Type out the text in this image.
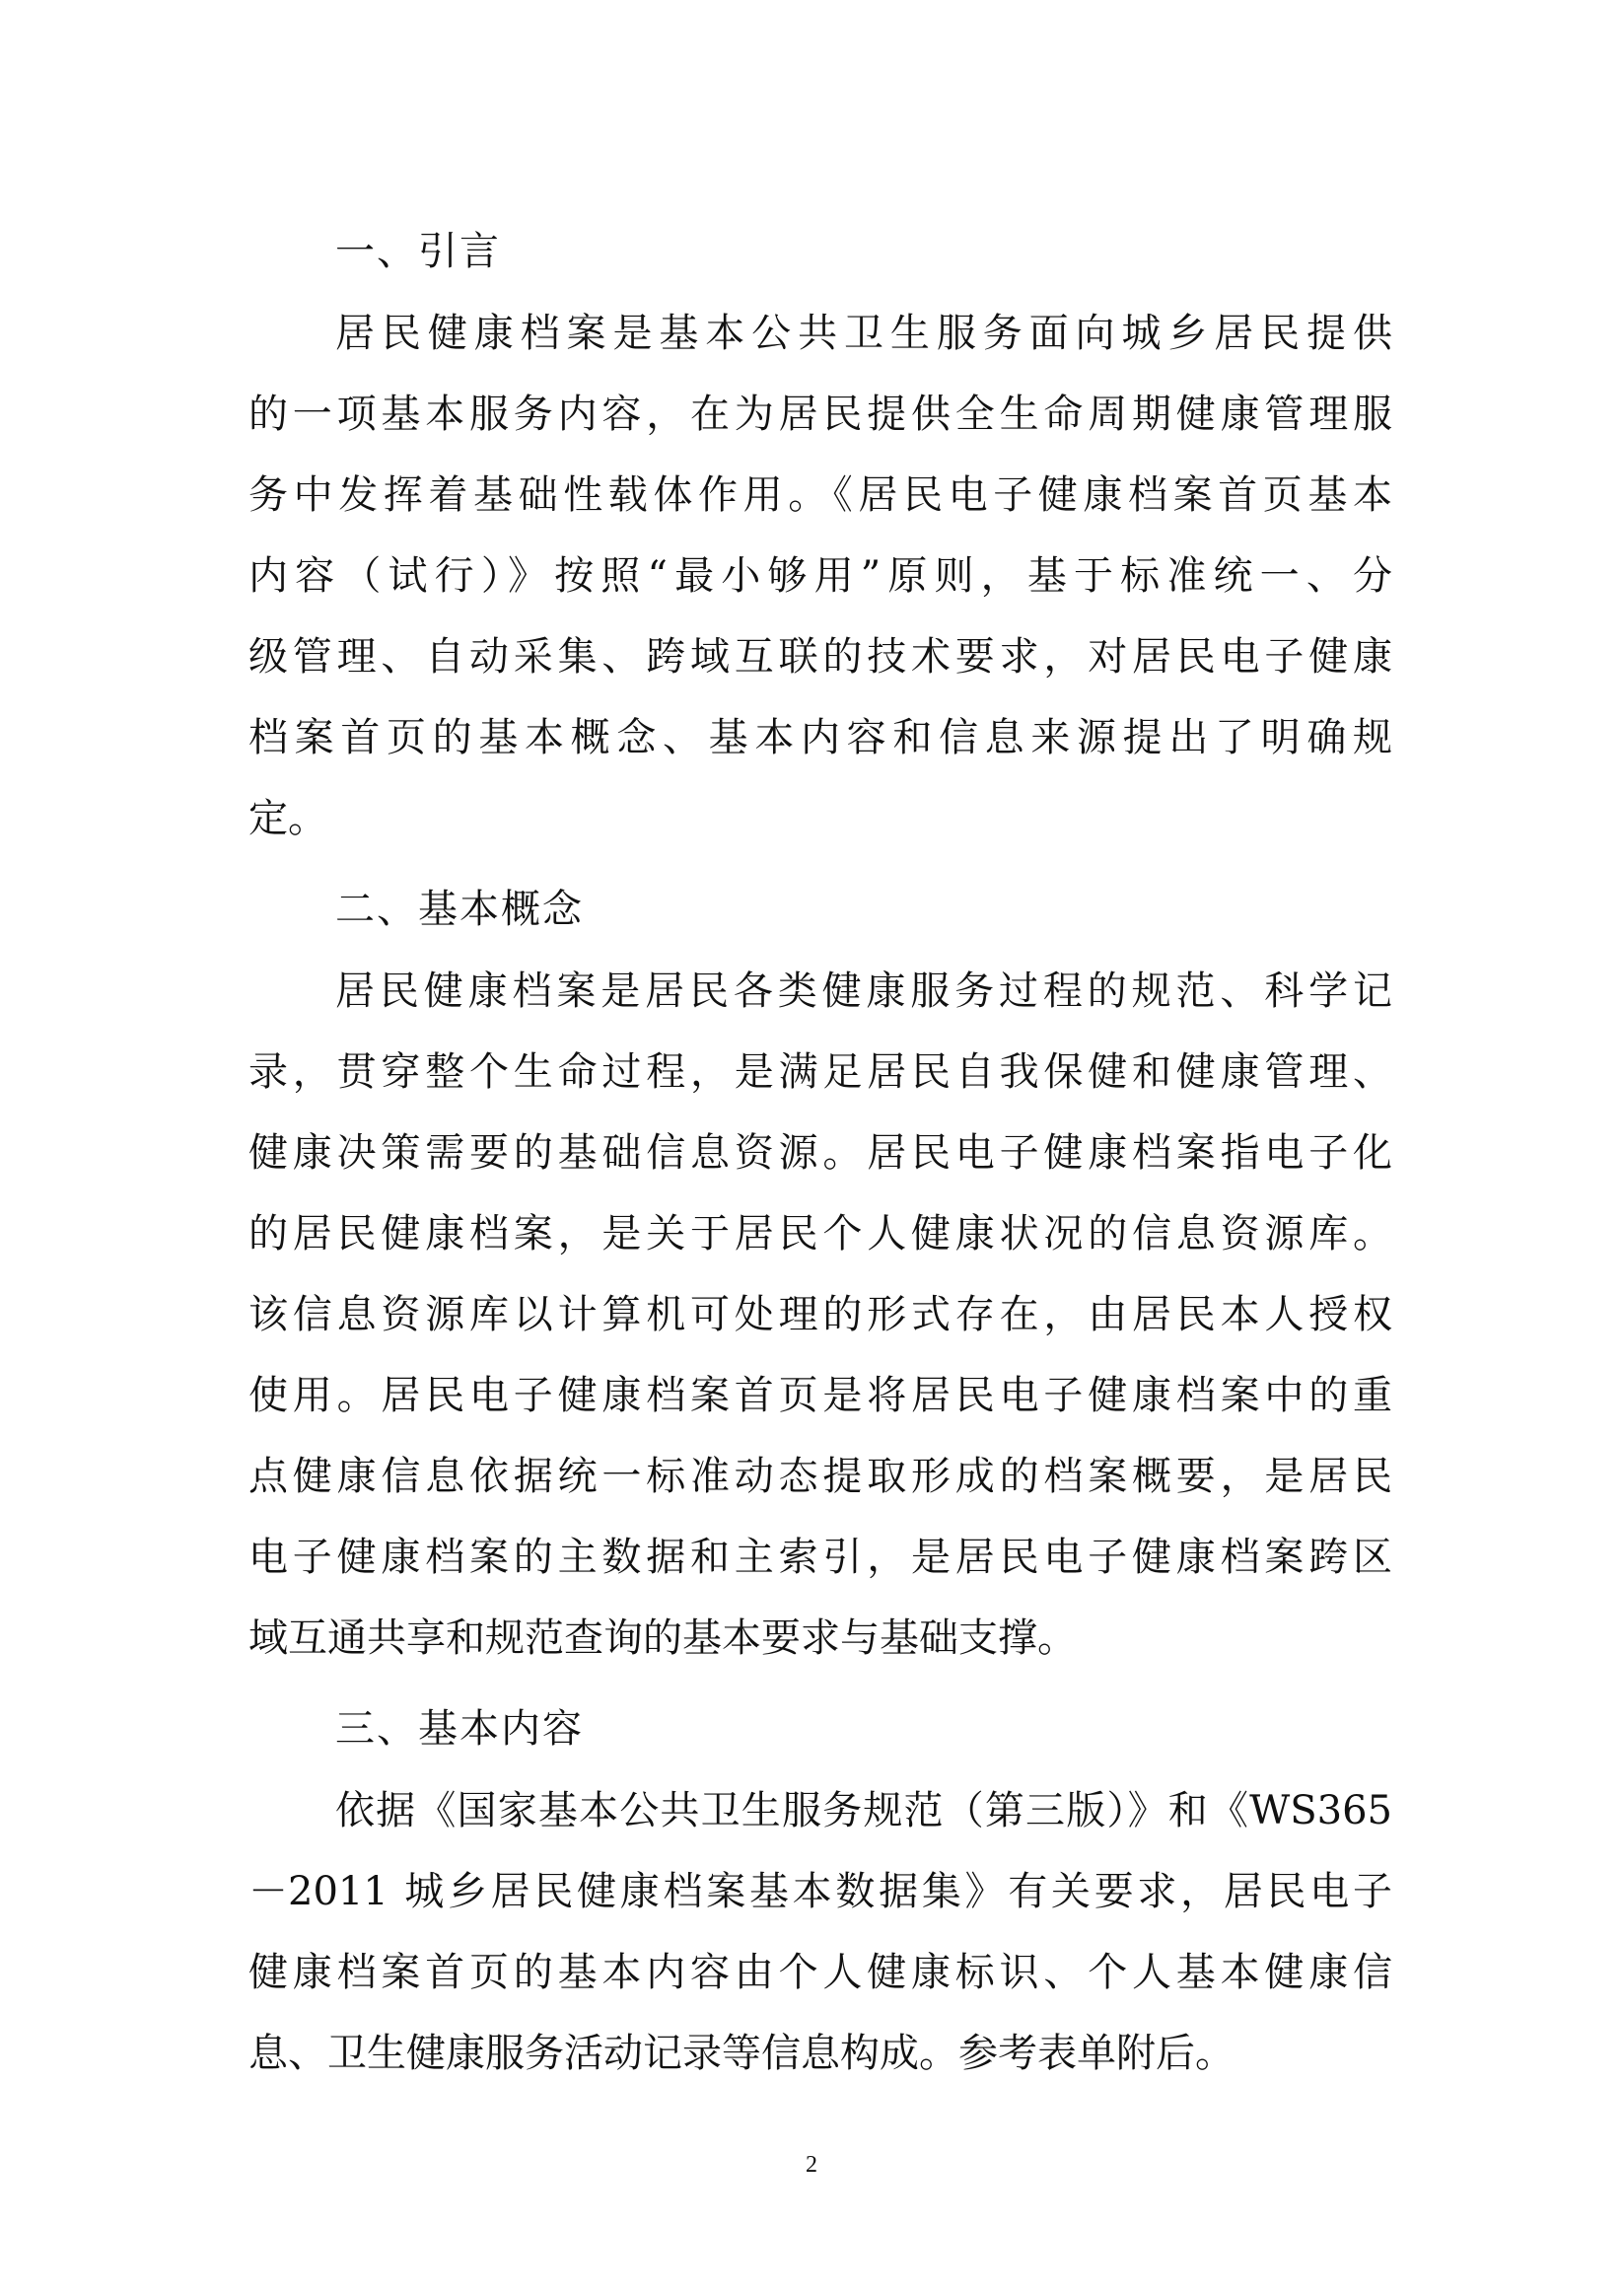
一、引言
居民健康档案是基本公共卫生服务面向城乡居民提供
的一项基本服务内容，在为居民提供全生命周期健康管理服
务中发挥着基础性载体作用。《居民电子健康档案首页基本
内容（试行）》按照“最小够用”原则，基于标准统一、分
级管理、自动采集、跨域互联的技术要求，对居民电子健康
档案首页的基本概念、基本内容和信息来源提出了明确规
定。
二、基本概念
居民健康档案是居民各类健康服务过程的规范、科学记
录，贯穿整个生命过程，是满足居民自我保健和健康管理、
健康决策需要的基础信息资源。居民电子健康档案指电子化
的居民健康档案，是关于居民个人健康状况的信息资源库。
该信息资源库以计算机可处理的形式存在，由居民本人授权
使用。居民电子健康档案首页是将居民电子健康档案中的重
点健康信息依据统一标准动态提取形成的档案概要，是居民
电子健康档案的主数据和主索引，是居民电子健康档案跨区
域互通共享和规范查询的基本要求与基础支撑。
三、基本内容
依据《国家基本公共卫生服务规范（第三版）》和《WS365
－2011 城乡居民健康档案基本数据集》有关要求，居民电子
健康档案首页的基本内容由个人健康标识、个人基本健康信
息、卫生健康服务活动记录等信息构成。参考表单附后。
2
